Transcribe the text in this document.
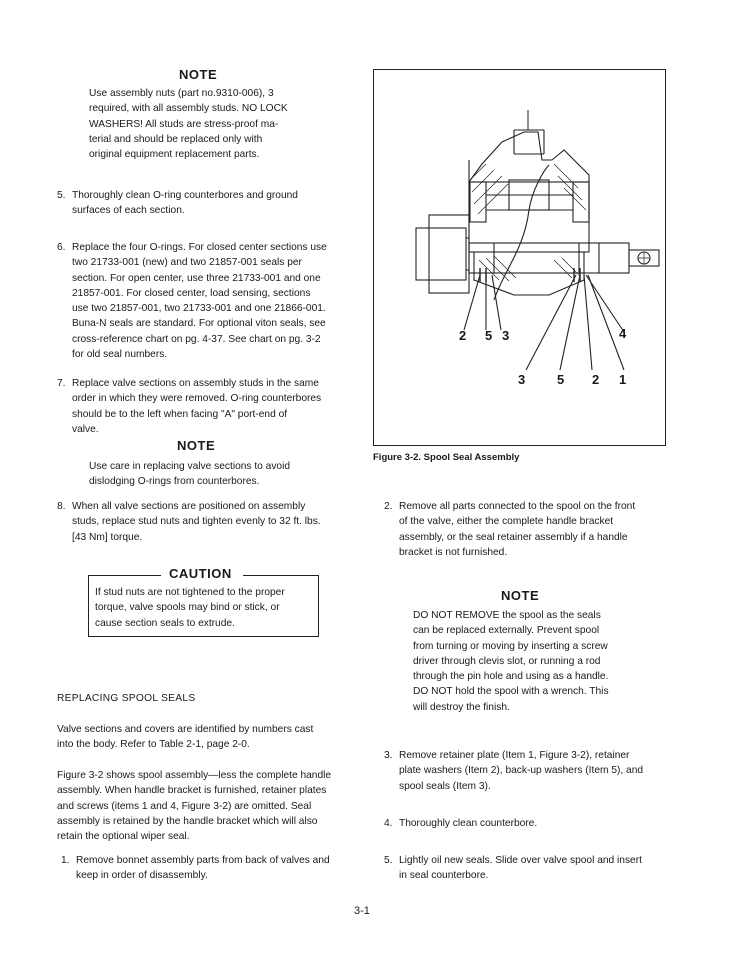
NOTE
Use assembly nuts (part no.9310-006), 3
required, with all assembly studs. NO LOCK
WASHERS! All studs are stress-proof ma-
terial and should be replaced only with
original equipment replacement parts.
5. Thoroughly clean O-ring counterbores and ground
surfaces of each section.
6. Replace the four O-rings. For closed center sections use
two 21733-001 (new) and two 21857-001 seals per
section. For open center, use three 21733-001 and one
21857-001. For closed center, load sensing, sections
use two 21857-001, two 21733-001 and one 21866-001.
Buna-N seals are standard. For optional viton seals, see
cross-reference chart on pg. 4-37. See chart on pg. 3-2
for old seal numbers.
7. Replace valve sections on assembly studs in the same
order in which they were removed. O-ring counterbores
should be to the left when facing "A" port-end of
valve.
NOTE
Use care in replacing valve sections to avoid
dislodging O-rings from counterbores.
8. When all valve sections are positioned on assembly
studs, replace stud nuts and tighten evenly to 32 ft. lbs.
[43 Nm] torque.
CAUTION
If stud nuts are not tightened to the proper
torque, valve spools may bind or stick, or
cause section seals to extrude.
REPLACING SPOOL SEALS
Valve sections and covers are identified by numbers cast
into the body. Refer to Table 2-1, page 2-0.
Figure 3-2 shows spool assembly—less the complete handle
assembly. When handle bracket is furnished, retainer plates
and screws (items 1 and 4, Figure 3-2) are omitted. Seal
assembly is retained by the handle bracket which will also
retain the optional wiper seal.
1. Remove bonnet assembly parts from back of valves and
keep in order of disassembly.
2 5 3	4
3 5 2 1
Figure 3-2. Spool Seal Assembly
2. Remove all parts connected to the spool on the front
of the valve, either the complete handle bracket
assembly, or the seal retainer assembly if a handle
bracket is not furnished.
NOTE
DO NOT REMOVE the spool as the seals
can be replaced externally. Prevent spool
from turning or moving by inserting a screw
driver through clevis slot, or running a rod
through the pin hole and using as a handle.
DO NOT hold the spool with a wrench. This
will destroy the finish.
3. Remove retainer plate (Item 1, Figure 3-2), retainer
plate washers (Item 2), back-up washers (Item 5), and
spool seals (Item 3).
4. Thoroughly clean counterbore.
5. Lightly oil new seals. Slide over valve spool and insert
in seal counterbore.
3-1
